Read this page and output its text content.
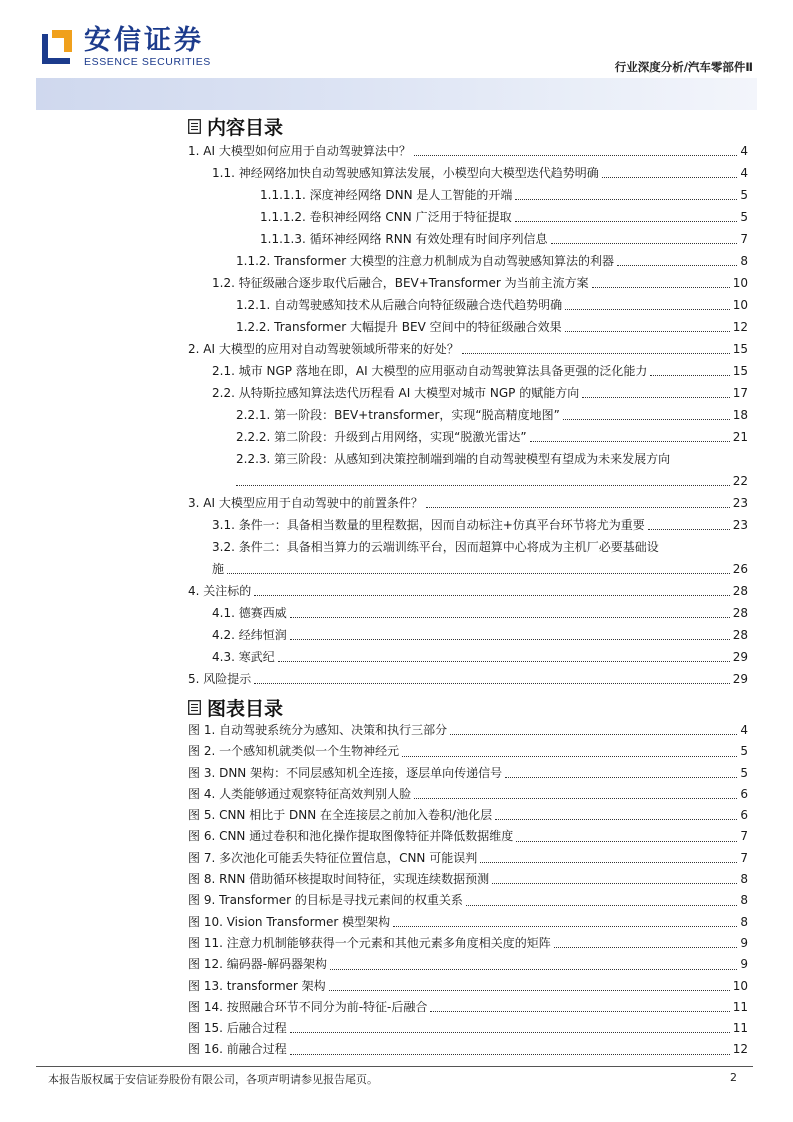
安信证券
ESSENCE SECURITIES	行业深度分析/汽车零部件Ⅱ
内容目录
1. AI 大模型如何应用于自动驾驶算法中？	4
1.1. 神经网络加快自动驾驶感知算法发展，小模型向大模型迭代趋势明确	4
1.1.1.1. 深度神经网络 DNN 是人工智能的开端	5
1.1.1.2. 卷积神经网络 CNN 广泛用于特征提取	5
1.1.1.3. 循环神经网络 RNN 有效处理有时间序列信息	7
1.1.2. Transformer 大模型的注意力机制成为自动驾驶感知算法的利器	8
1.2. 特征级融合逐步取代后融合，BEV+Transformer 为当前主流方案	10
1.2.1. 自动驾驶感知技术从后融合向特征级融合迭代趋势明确	10
1.2.2. Transformer 大幅提升 BEV 空间中的特征级融合效果	12
2. AI 大模型的应用对自动驾驶领域所带来的好处？	15
2.1. 城市 NGP 落地在即，AI 大模型的应用驱动自动驾驶算法具备更强的泛化能力	15
2.2. 从特斯拉感知算法迭代历程看 AI 大模型对城市 NGP 的赋能方向	17
2.2.1. 第一阶段：BEV+transformer，实现“脱高精度地图”	18
2.2.2. 第二阶段：升级到占用网络，实现“脱激光雷达”	21
2.2.3. 第三阶段：从感知到决策控制端到端的自动驾驶模型有望成为未来发展方向
22
3. AI 大模型应用于自动驾驶中的前置条件？	23
3.1. 条件一：具备相当数量的里程数据，因而自动标注+仿真平台环节将尤为重要	23
3.2. 条件二：具备相当算力的云端训练平台，因而超算中心将成为主机厂必要基础设
施	26
4. 关注标的	28
4.1. 德赛西威	28
4.2. 经纬恒润	28
4.3. 寒武纪	29
5. 风险提示	29
图表目录
图 1. 自动驾驶系统分为感知、决策和执行三部分	4
图 2. 一个感知机就类似一个生物神经元	5
图 3. DNN 架构：不同层感知机全连接，逐层单向传递信号	5
图 4. 人类能够通过观察特征高效判别人脸	6
图 5. CNN 相比于 DNN 在全连接层之前加入卷积/池化层	6
图 6. CNN 通过卷积和池化操作提取图像特征并降低数据维度	7
图 7. 多次池化可能丢失特征位置信息，CNN 可能误判	7
图 8. RNN 借助循环核提取时间特征，实现连续数据预测	8
图 9. Transformer 的目标是寻找元素间的权重关系	8
图 10. Vision Transformer 模型架构	8
图 11. 注意力机制能够获得一个元素和其他元素多角度相关度的矩阵	9
图 12. 编码器-解码器架构	9
图 13. transformer 架构	10
图 14. 按照融合环节不同分为前-特征-后融合	11
图 15. 后融合过程	11
图 16. 前融合过程	12
本报告版权属于安信证券股份有限公司，各项声明请参见报告尾页。	2
